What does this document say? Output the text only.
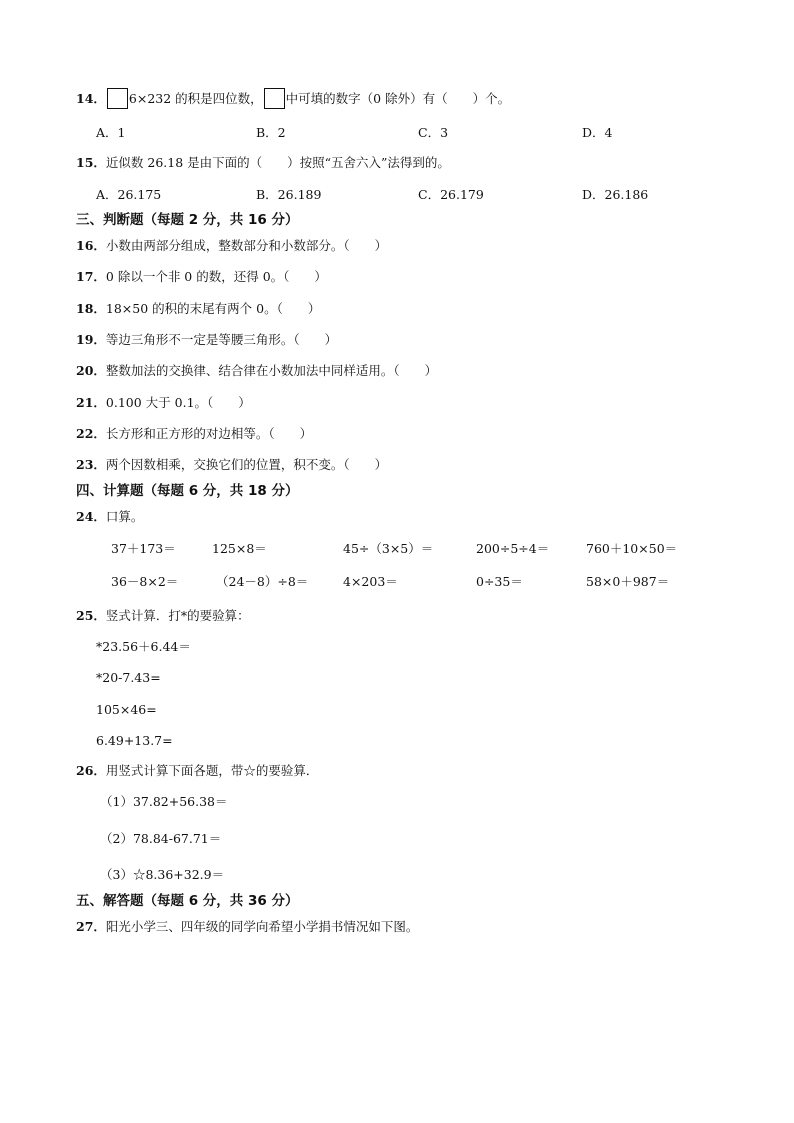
14． 6×232 的积是四位数， 中可填的数字（0 除外）有（　　）个。
A．1	B．2	C．3	D．4
15．近似数 26.18 是由下面的（　　）按照“五舍六入”法得到的。
A．26.175	B．26.189	C．26.179	D．26.186
三、判断题（每题 2 分，共 16 分）
16．小数由两部分组成，整数部分和小数部分。（　　）
17．0 除以一个非 0 的数，还得 0。（　　）
18．18×50 的积的末尾有两个 0。（　　）
19．等边三角形不一定是等腰三角形。（　　）
20．整数加法的交换律、结合律在小数加法中同样适用。（　　）
21．0.100 大于 0.1。（　　）
22．长方形和正方形的对边相等。（　　）
23．两个因数相乘，交换它们的位置，积不变。（　　）
四、计算题（每题 6 分，共 18 分）
24．口算。
37＋173＝	125×8＝	45÷（3×5）＝	200÷5÷4＝	760＋10×50＝
36－8×2＝	（24－8）÷8＝	4×203＝	0÷35＝	58×0＋987＝
25．竖式计算．打*的要验算：
*23.56＋6.44＝
*20-7.43=
105×46=
6.49+13.7=
26．用竖式计算下面各题，带☆的要验算．
（1）37.82+56.38＝
（2）78.84-67.71＝
（3）☆8.36+32.9＝
五、解答题（每题 6 分，共 36 分）
27．阳光小学三、四年级的同学向希望小学捐书情况如下图。
